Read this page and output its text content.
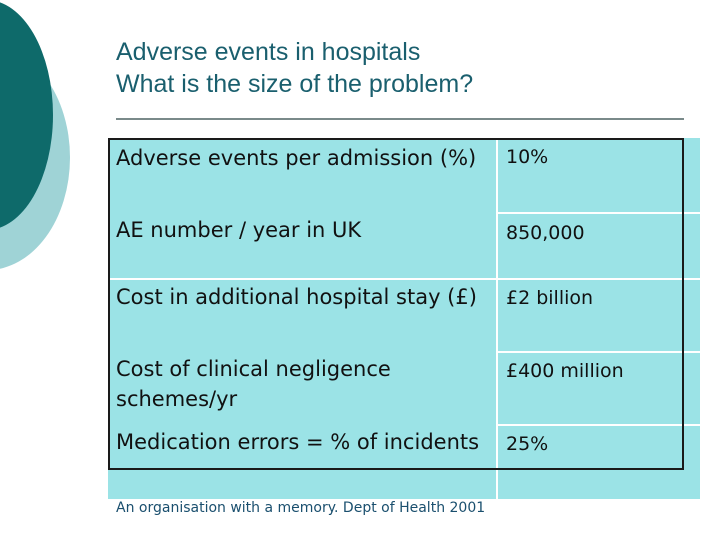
Adverse events in hospitals
What is the size of the problem?
Adverse events per admission (%)	10%
AE number / year in UK	850,000
Cost in additional hospital stay (£)	£2 billion
Cost of clinical negligence schemes/yr	£400 million
Medication errors = % of incidents	25%
An organisation with a memory. Dept of Health 2001
